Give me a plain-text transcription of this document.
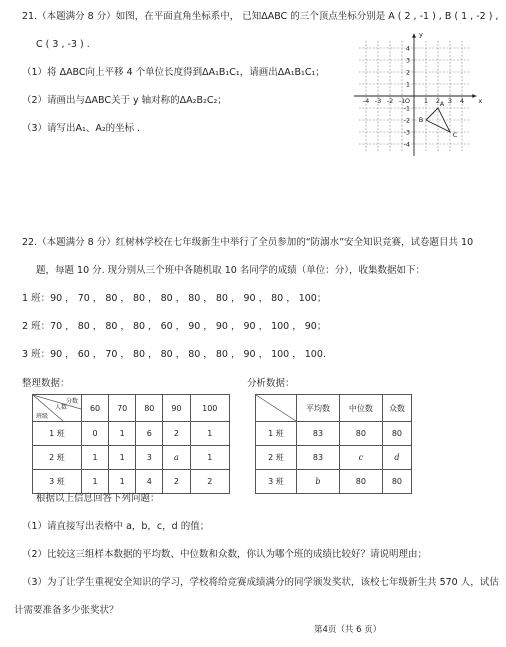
21.（本题满分 8 分）如图，在平面直角坐标系中， 已知ΔABC 的三个顶点坐标分别是 A ( 2 , -1 ) , B ( 1 , -2 ) ,
C ( 3 , -3 ) .
（1）将 ΔABC向上平移 4 个单位长度得到ΔA₁B₁C₁，请画出ΔA₁B₁C₁；
（2）请画出与ΔABC关于 y 轴对称的ΔA₂B₂C₂；
（3）请写出A₁、A₂的坐标 .
-4 -3 -2 -1	1 2 3 4
4
3
2
1
-1
-2
-3
-4
O	x
y
A
B
C
22.（本题满分 8 分）红树林学校在七年级新生中举行了全员参加的“防溺水”安全知识竞赛，试卷题目共 10
题，每题 10 分. 现分别从三个班中各随机取 10 名同学的成绩（单位：分），收集数据如下：
1 班：90 ， 70 ， 80 ， 80 ， 80 ， 80 ， 80 ， 90 ， 80 ， 100；
2 班：70 ， 80 ， 80 ， 80 ， 60 ， 90 ， 90 ， 90 ， 100 ， 90；
3 班：90 ， 60 ， 70 ， 80 ， 80 ， 80 ， 80 ， 90 ， 100 ， 100.
整理数据：	分析数据：
分数
人数
班级	60	70	80	90	100
1 班	0	1	6	2	1
2 班	1	1	3	a	1
3 班	1	1	4	2	2
	平均数	中位数	众数
1 班	83	80	80
2 班	83	c	d
3 班	b	80	80
根据以上信息回答下列问题：
（1）请直接写出表格中 a，b，c，d 的值；
（2）比较这三组样本数据的平均数、中位数和众数，你认为哪个班的成绩比较好？请说明理由；
（3）为了让学生重视安全知识的学习，学校将给竞赛成绩满分的同学颁发奖状，该校七年级新生共 570 人，试估
计需要准备多少张奖状？
第4页（共 6 页）
